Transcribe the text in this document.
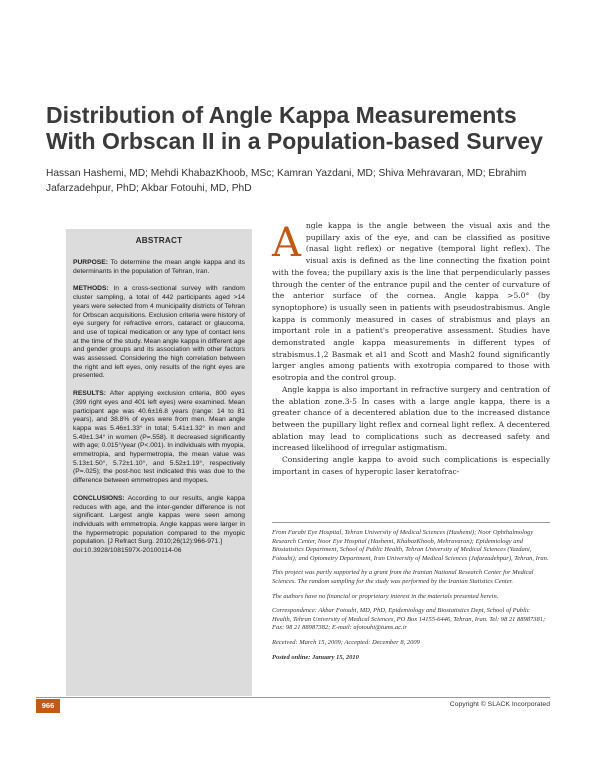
Distribution of Angle Kappa Measurements With Orbscan II in a Population-based Survey
Hassan Hashemi, MD; Mehdi KhabazKhoob, MSc; Kamran Yazdani, MD; Shiva Mehravaran, MD; Ebrahim Jafarzadehpur, PhD; Akbar Fotouhi, MD, PhD
ABSTRACT

PURPOSE: To determine the mean angle kappa and its determinants in the population of Tehran, Iran.

METHODS: In a cross-sectional survey with random cluster sampling, a total of 442 participants aged >14 years were selected from 4 municipality districts of Tehran for Orbscan acquisitions. Exclusion criteria were history of eye surgery for refractive errors, cataract or glaucoma, and use of topical medication or any type of contact lens at the time of the study. Mean angle kappa in different age and gender groups and its association with other factors was assessed. Considering the high correlation between the right and left eyes, only results of the right eyes are presented.

RESULTS: After applying exclusion criteria, 800 eyes (399 right eyes and 401 left eyes) were examined. Mean participant age was 40.6±16.8 years (range: 14 to 81 years), and 38.8% of eyes were from men. Mean angle kappa was 5.46±1.33° in total; 5.41±1.32° in men and 5.49±1.34° in women (P=.558). It decreased significantly with age; 0.015°/year (P<.001). In individuals with myopia, emmetropia, and hypermetropia, the mean value was 5.13±1.50°, 5.72±1.10°, and 5.52±1.19°, respectively (P=.025); the post-hoc test indicated this was due to the difference between emmetropes and myopes.

CONCLUSIONS: According to our results, angle kappa reduces with age, and the inter-gender difference is not significant. Largest angle kappas were seen among individuals with emmetropia. Angle kappas were larger in the hypermetropic population compared to the myopic population. [J Refract Surg. 2010;26(12):966-971.]

doi:10.3928/1081597X-20100114-06

Angle kappa is the angle between the visual axis and the pupillary axis of the eye, and can be classified as positive (nasal light reflex) or negative (temporal light reflex). The visual axis is defined as the line connecting the fixation point with the fovea; the pupillary axis is the line that perpendicularly passes through the center of the entrance pupil and the center of curvature of the anterior surface of the cornea. Angle kappa >5.0° (by synoptophore) is usually seen in patients with pseudostrabismus. Angle kappa is commonly measured in cases of strabismus and plays an important role in a patient's preoperative assessment. Studies have demonstrated angle kappa measurements in different types of strabismus.1,2 Basmak et al1 and Scott and Mash2 found significantly larger angles among patients with exotropia compared to those with esotropia and the control group.

Angle kappa is also important in refractive surgery and centration of the ablation zone.3-5 In cases with a large angle kappa, there is a greater chance of a decentered ablation due to the increased distance between the pupillary light reflex and corneal light reflex. A decentered ablation may lead to complications such as decreased safety and increased likelihood of irregular astigmatism.

Considering angle kappa to avoid such complications is especially important in cases of hyperopic laser keratofrac-

From Farabi Eye Hospital, Tehran University of Medical Sciences (Hashemi); Noor Ophthalmology Research Center, Noor Eye Hospital (Hashemi, KhabazKhoob, Mehravaran); Epidemiology and Biostatistics Department, School of Public Health, Tehran University of Medical Sciences (Yazdani, Fotouhi); and Optometry Department, Iran University of Medical Sciences (Jafarzadehpur), Tehran, Iran.

This project was partly supported by a grant from the Iranian National Research Center for Medical Sciences. The random sampling for the study was performed by the Iranian Statistics Center.

The authors have no financial or proprietary interest in the materials presented herein.

Correspondence: Akbar Fotouhi, MD, PhD, Epidemiology and Biostatistics Dept, School of Public Health, Tehran University of Medical Sciences, PO Box 14155-6446, Tehran, Iran. Tel: 98 21 88987381; Fax: 98 21 88987382; E-mail: afotouhi@tums.ac.ir

Received: March 15, 2009; Accepted: December 8, 2009

Posted online: January 15, 2010

966	Copyright © SLACK Incorporated
